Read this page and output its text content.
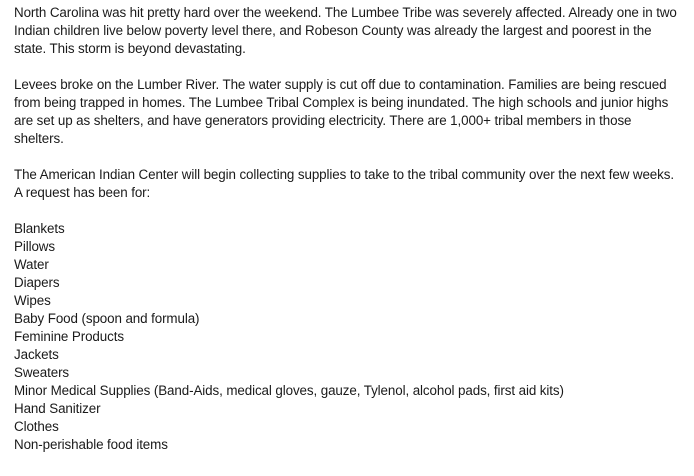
North Carolina was hit pretty hard over the weekend. The Lumbee Tribe was severely affected. Already one in two Indian children live below poverty level there, and Robeson County was already the largest and poorest in the state. This storm is beyond devastating.

Levees broke on the Lumber River. The water supply is cut off due to contamination. Families are being rescued from being trapped in homes. The Lumbee Tribal Complex is being inundated. The high schools and junior highs are set up as shelters, and have generators providing electricity. There are 1,000+ tribal members in those shelters.

The American Indian Center will begin collecting supplies to take to the tribal community over the next few weeks. A request has been for:

Blankets
Pillows
Water
Diapers
Wipes
Baby Food (spoon and formula)
Feminine Products
Jackets
Sweaters
Minor Medical Supplies (Band-Aids, medical gloves, gauze, Tylenol, alcohol pads, first aid kits)
Hand Sanitizer
Clothes
Non-perishable food items
